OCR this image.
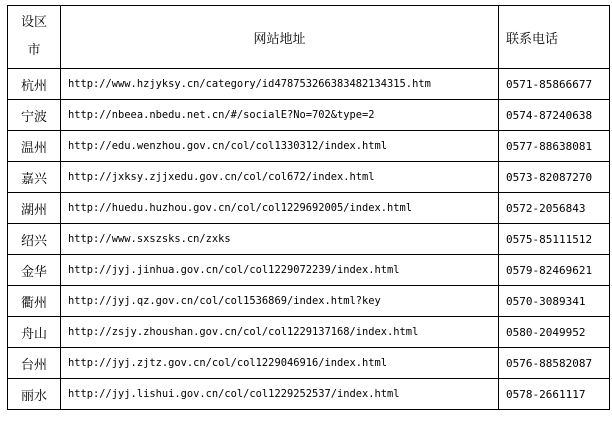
设区
市	网站地址	联系电话
杭州	http://www.hzjyksy.cn/category/id478753266383482134315.htm	0571-85866677
宁波	http://nbeea.nbedu.net.cn/#/socialE?No=702&type=2	0574-87240638
温州	http://edu.wenzhou.gov.cn/col/col1330312/index.html	0577-88638081
嘉兴	http://jxksy.zjjxedu.gov.cn/col/col672/index.html	0573-82087270
湖州	http://huedu.huzhou.gov.cn/col/col1229692005/index.html	0572-2056843
绍兴	http://www.sxszsks.cn/zxks	0575-85111512
金华	http://jyj.jinhua.gov.cn/col/col1229072239/index.html	0579-82469621
衢州	http://jyj.qz.gov.cn/col/col1536869/index.html?key	0570-3089341
舟山	http://zsjy.zhoushan.gov.cn/col/col1229137168/index.html	0580-2049952
台州	http://jyj.zjtz.gov.cn/col/col1229046916/index.html	0576-88582087
丽水	http://jyj.lishui.gov.cn/col/col1229252537/index.html	0578-2661117
